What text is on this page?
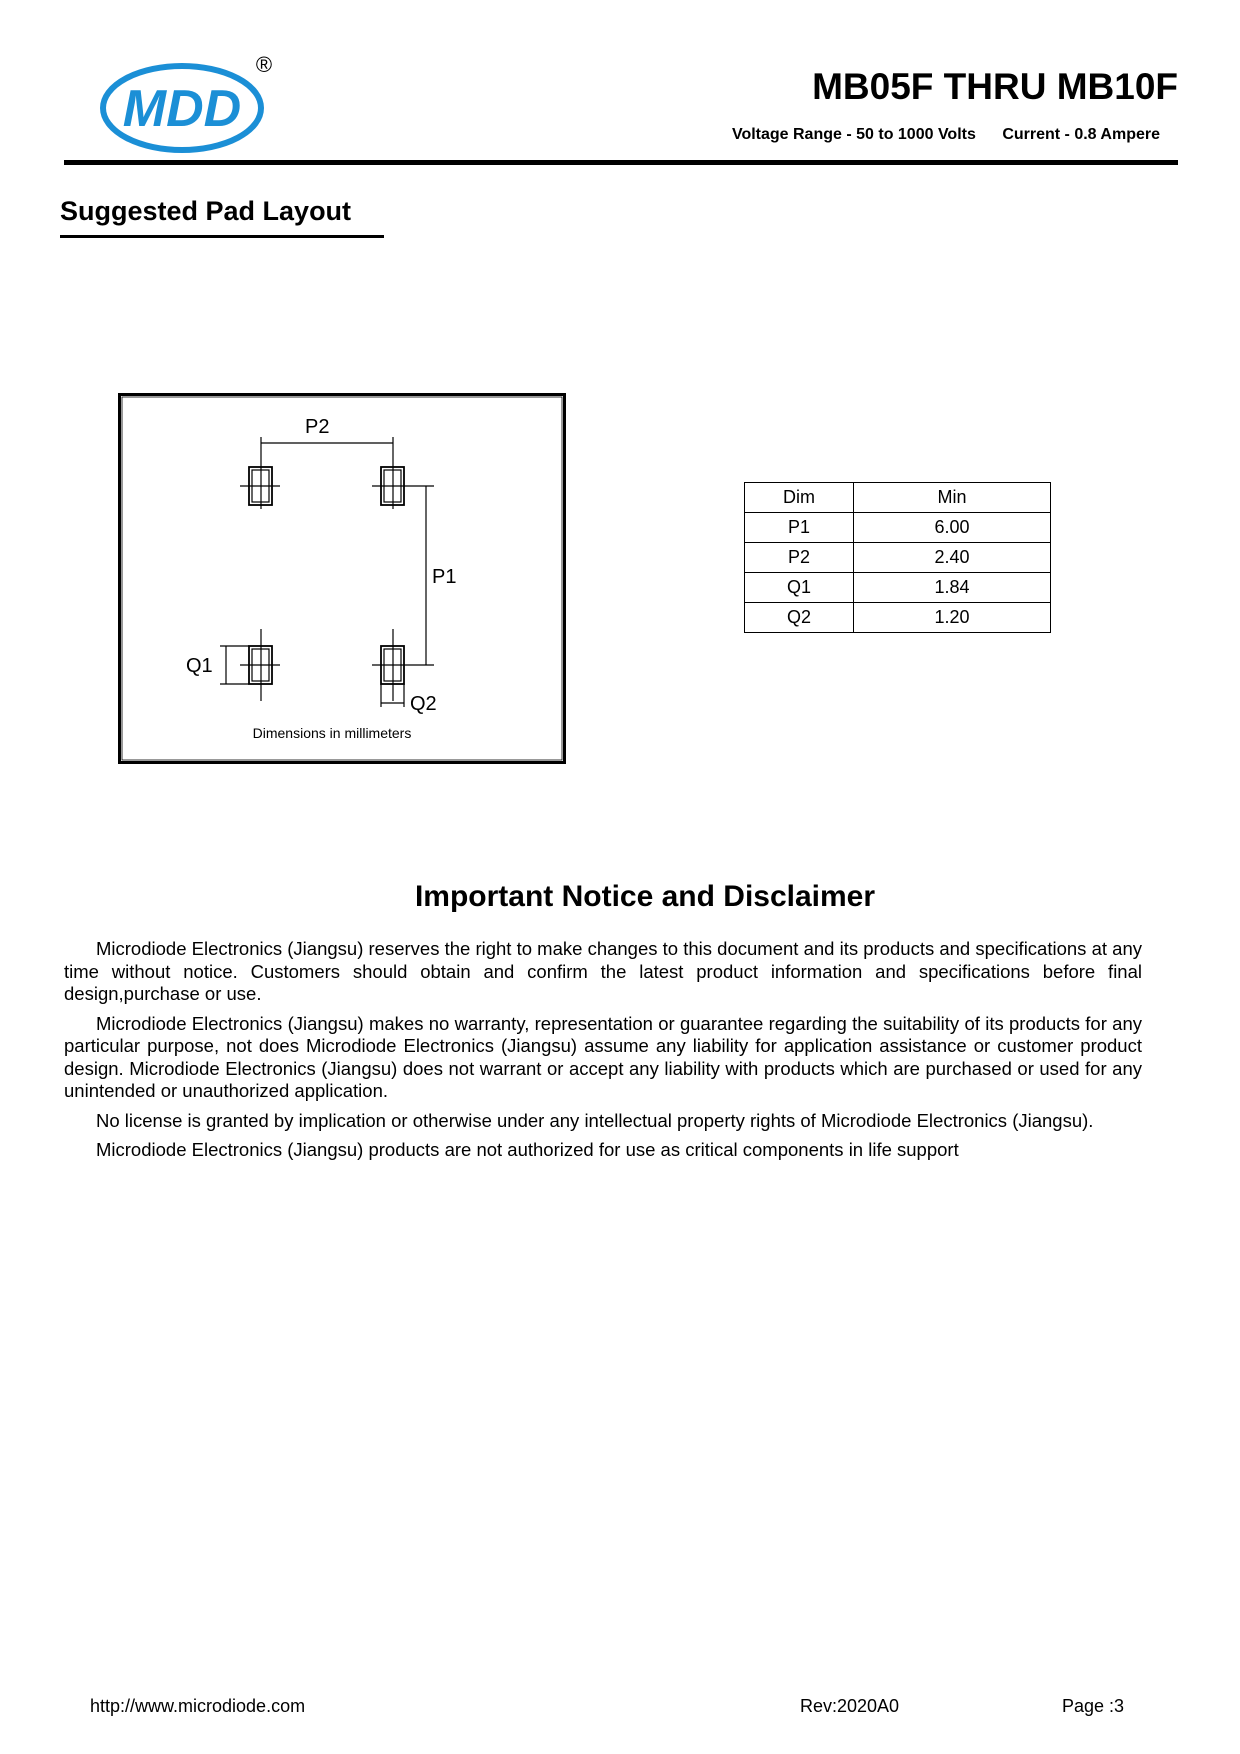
MDD
®
MB05F THRU MB10F
Voltage Range - 50 to 1000 Volts Current - 0.8 Ampere
Suggested Pad Layout
P2
P1
Q1
Q2
Dimensions in millimeters
Dim	Min
P1	6.00
P2	2.40
Q1	1.84
Q2	1.20
Important Notice and Disclaimer

Microdiode Electronics (Jiangsu) reserves the right to make changes to this document and its products and specifications at any time without notice. Customers should obtain and confirm the latest product information and specifications before final design,purchase or use.

Microdiode Electronics (Jiangsu) makes no warranty, representation or guarantee regarding the suitability of its products for any particular purpose, not does Microdiode Electronics (Jiangsu) assume any liability for application assistance or customer product design. Microdiode Electronics (Jiangsu) does not warrant or accept any liability with products which are purchased or used for any unintended or unauthorized application.

No license is granted by implication or otherwise under any intellectual property rights of Microdiode Electronics (Jiangsu).

Microdiode Electronics (Jiangsu) products are not authorized for use as critical components in life support

http://www.microdiode.com	Rev:2020A0	Page :3
